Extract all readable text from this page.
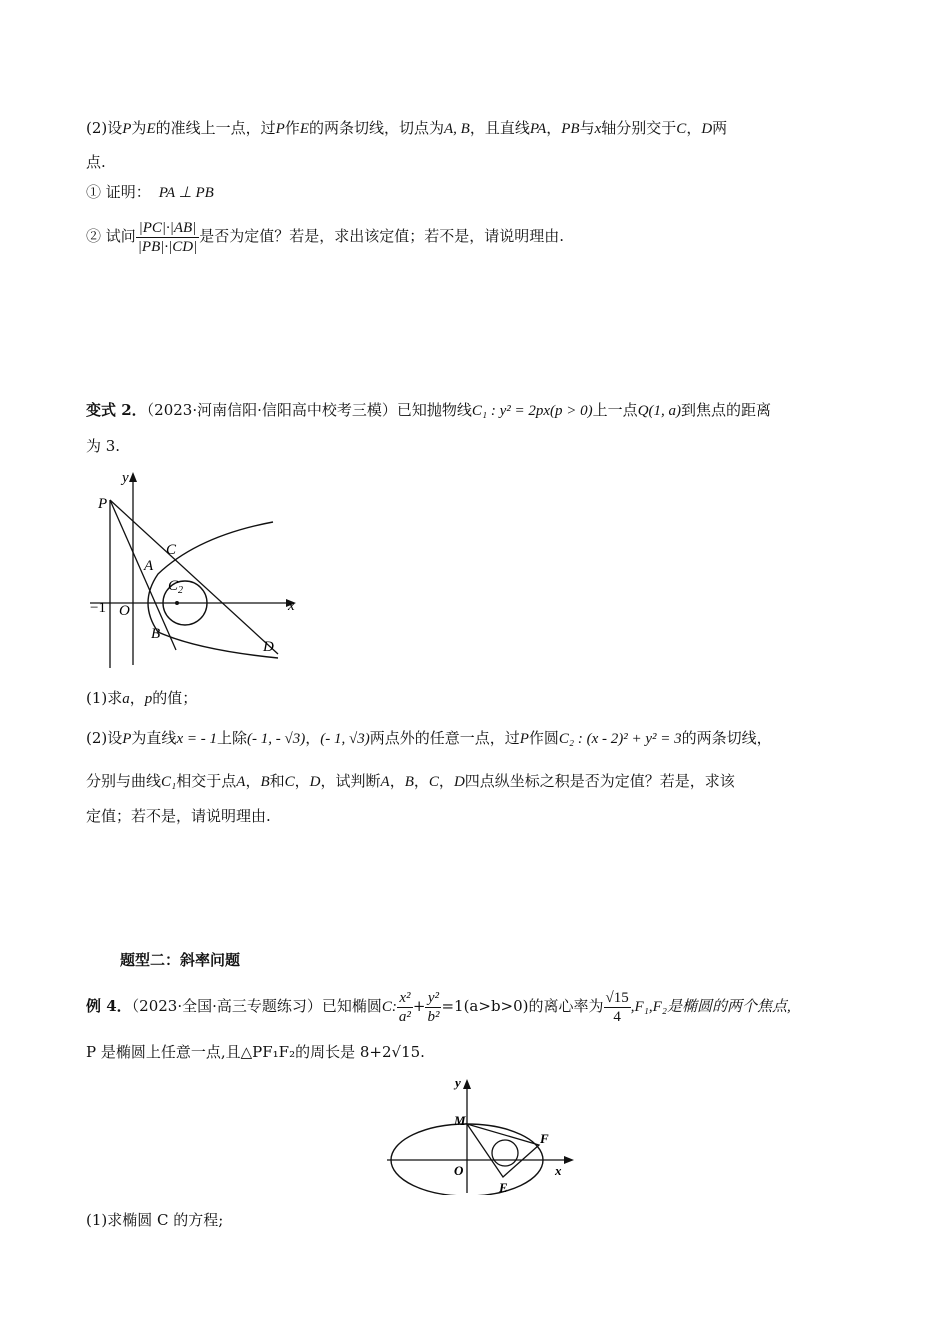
(2)设P为E的准线上一点，过P作E的两条切线，切点为A, B，且直线PA，PB与x轴分别交于C，D两
点.
① 证明： PA ⊥ PB
② 试问 $\frac{|PC|\cdot|AB|}{|PB|\cdot|CD|}$ 是否为定值？若是，求出该定值；若不是，请说明理由.
变式 2．（2023·河南信阳·信阳高中校考三模）已知抛物线C₁ : y² = 2px(p > 0)上一点Q(1, a)到焦点的距离
为 3.
y
P
C
A
$C_2$
x
−1 O
B
D
(1)求a，p的值；
(2)设P为直线x = - 1上除(- 1, - √3)，(- 1, √3)两点外的任意一点，过P作圆C₂ : (x - 2)² + y² = 3的两条切线，
分别与曲线C₁相交于点A，B和C，D，试判断A，B，C，D四点纵坐标之积是否为定值？若是，求该
定值；若不是，请说明理由.
题型二：斜率问题
例 4．（2023·全国·高三专题练习）已知椭圆C: $\frac{\text{x²}}{\text{a²}} + \frac{\text{y²}}{\text{b²}} =1(a>b>0)$的离心率为 $\frac{√15}{4} ,F_1,F_2$是椭圆的两个焦点,
P 是椭圆上任意一点,且△PF₁F₂的周长是 8+2√15.
y
M
F
O	x
E
(1)求椭圆 C 的方程;
